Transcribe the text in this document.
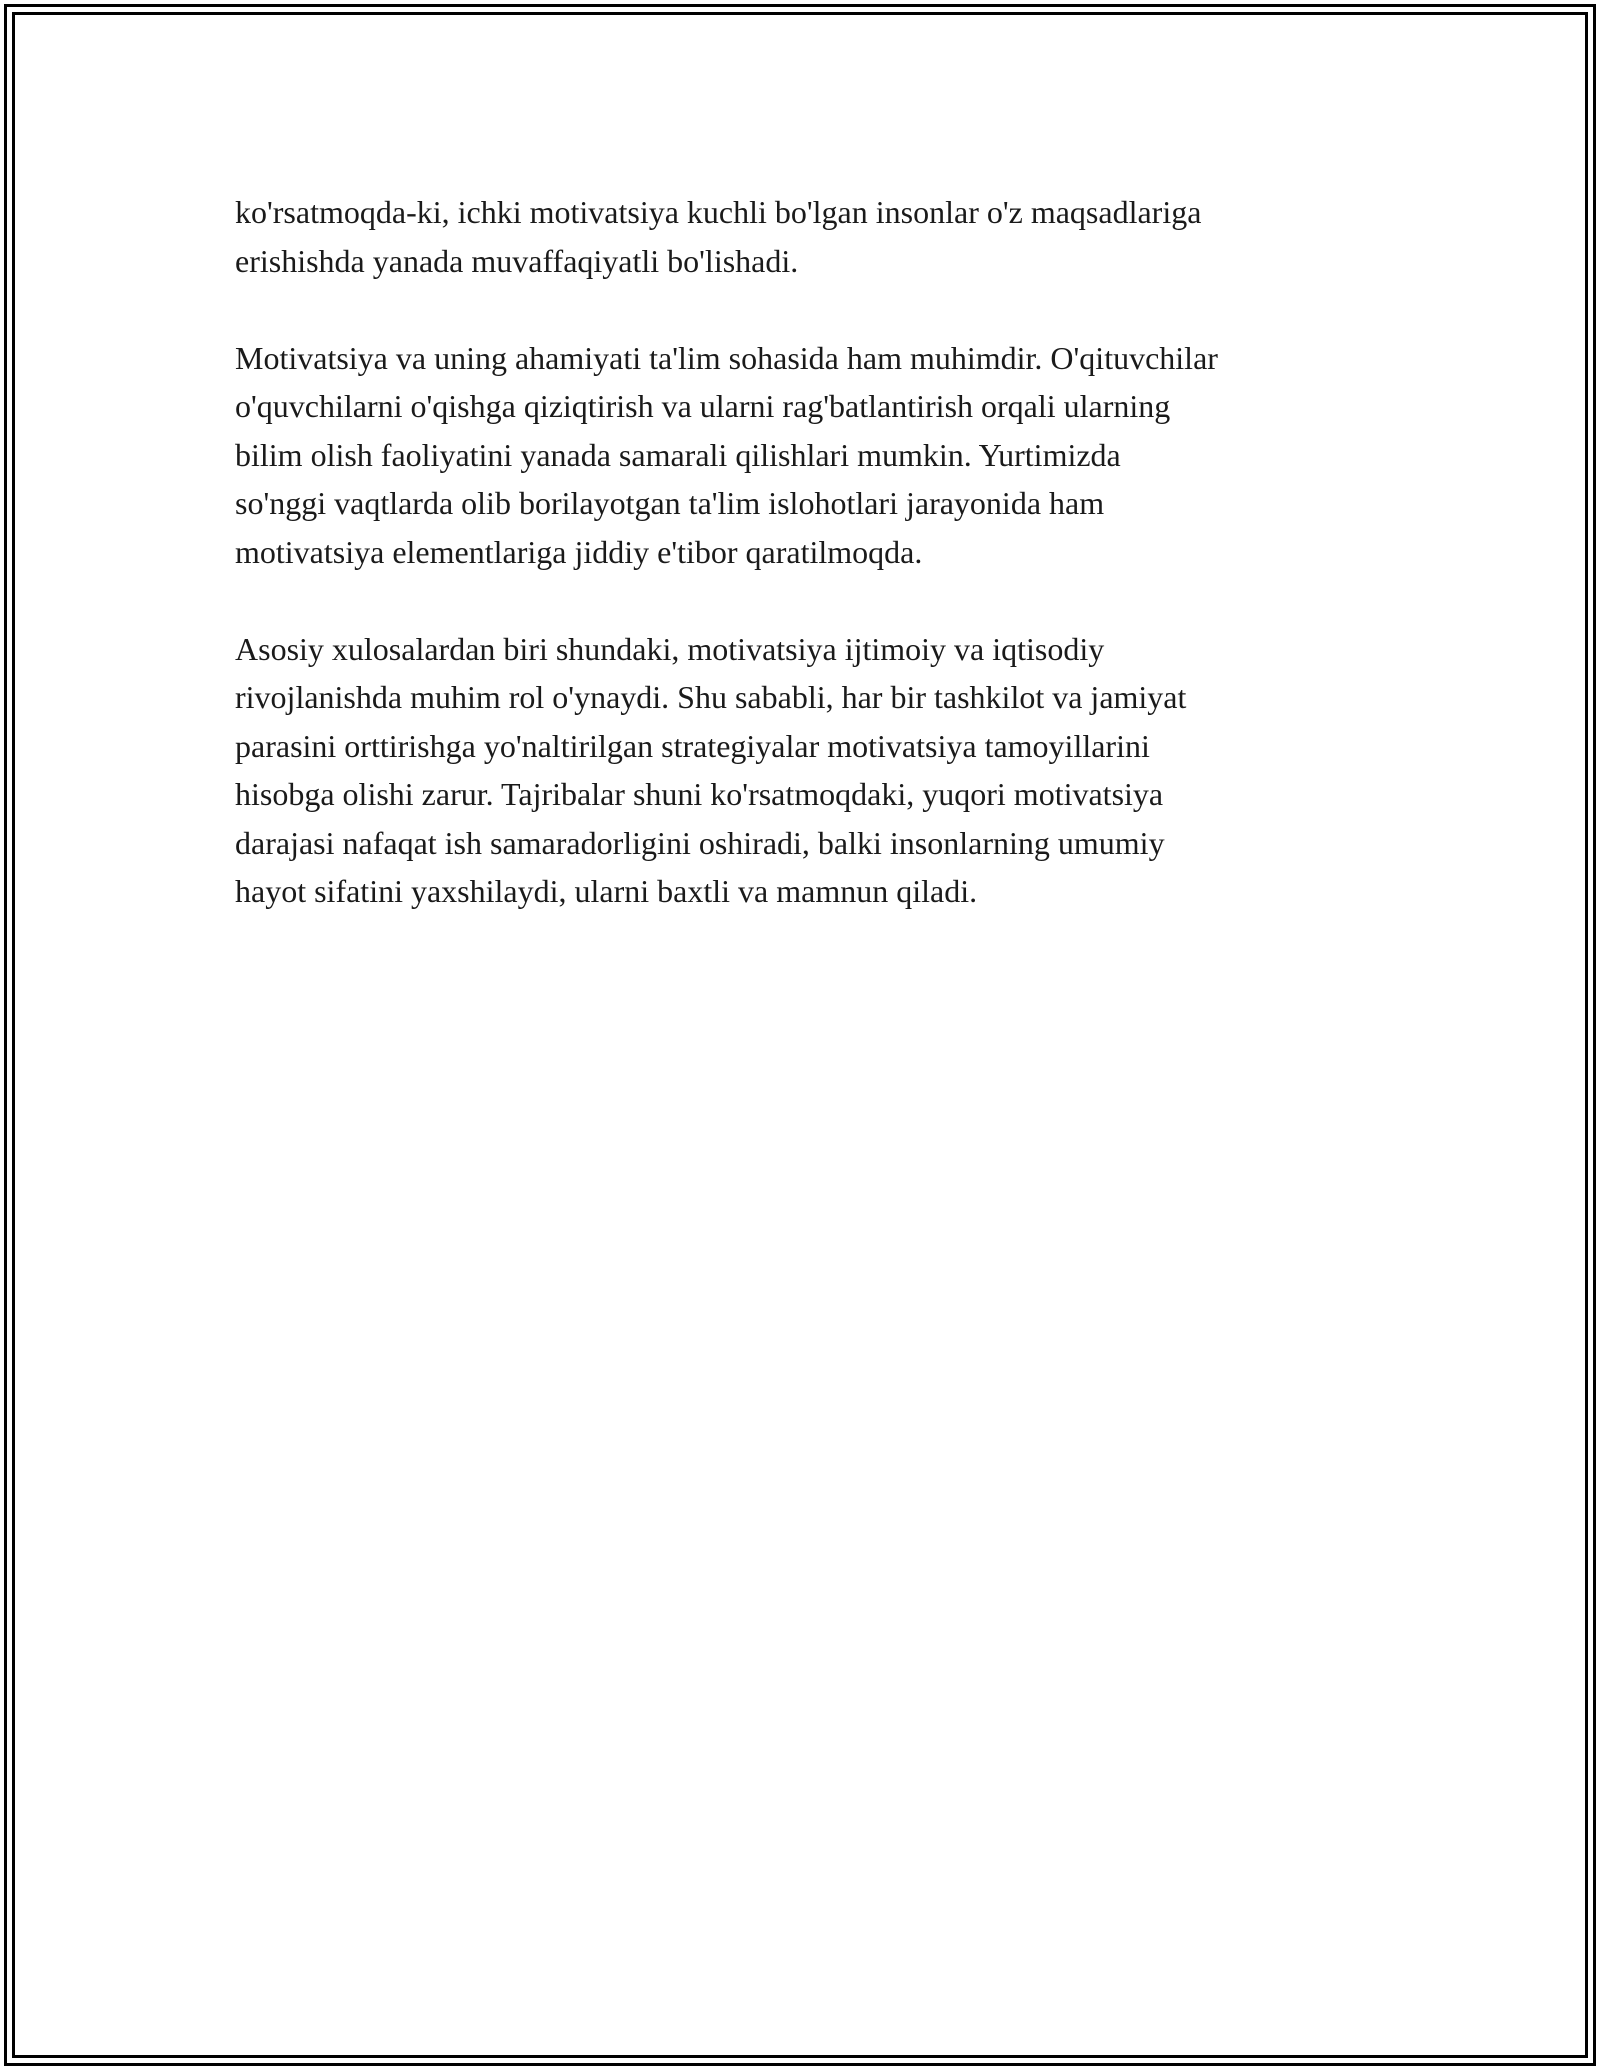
ko'rsatmoqda-ki, ichki motivatsiya kuchli bo'lgan insonlar o'z maqsadlariga
erishishda yanada muvaffaqiyatli bo'lishadi.

Motivatsiya va uning ahamiyati ta'lim sohasida ham muhimdir. O'qituvchilar
o'quvchilarni o'qishga qiziqtirish va ularni rag'batlantirish orqali ularning
bilim olish faoliyatini yanada samarali qilishlari mumkin. Yurtimizda
so'nggi vaqtlarda olib borilayotgan ta'lim islohotlari jarayonida ham
motivatsiya elementlariga jiddiy e'tibor qaratilmoqda.

Asosiy xulosalardan biri shundaki, motivatsiya ijtimoiy va iqtisodiy
rivojlanishda muhim rol o'ynaydi. Shu sababli, har bir tashkilot va jamiyat
parasini orttirishga yo'naltirilgan strategiyalar motivatsiya tamoyillarini
hisobga olishi zarur. Tajribalar shuni ko'rsatmoqdaki, yuqori motivatsiya
darajasi nafaqat ish samaradorligini oshiradi, balki insonlarning umumiy
hayot sifatini yaxshilaydi, ularni baxtli va mamnun qiladi.
